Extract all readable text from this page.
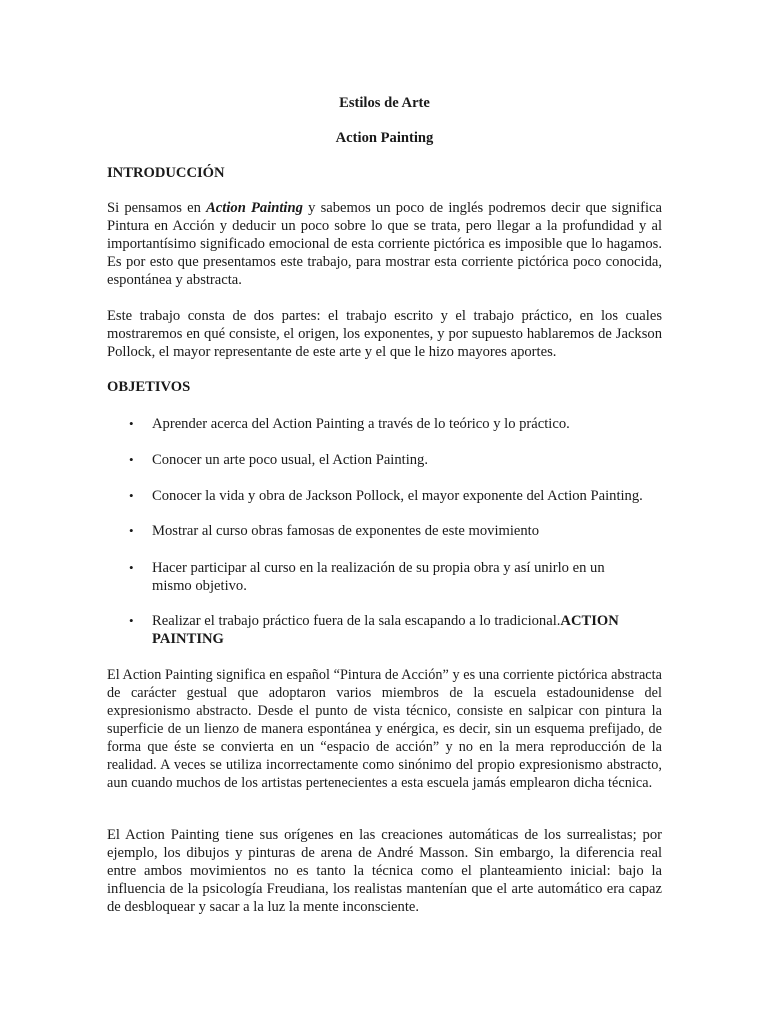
Estilos de Arte
Action Painting
INTRODUCCIÓN
Si pensamos en Action Painting y sabemos un poco de inglés podremos decir que significa Pintura en Acción y deducir un poco sobre lo que se trata, pero llegar a la profundidad y al importantísimo significado emocional de esta corriente pictórica es imposible que lo hagamos. Es por esto que presentamos este trabajo, para mostrar esta corriente pictórica poco conocida, espontánea y abstracta.
Este trabajo consta de dos partes: el trabajo escrito y el trabajo práctico, en los cuales mostraremos en qué consiste, el origen, los exponentes, y por supuesto hablaremos de Jackson Pollock, el mayor representante de este arte y el que le hizo mayores aportes.
OBJETIVOS
• Aprender acerca del Action Painting a través de lo teórico y lo práctico.
• Conocer un arte poco usual, el Action Painting.
• Conocer la vida y obra de Jackson Pollock, el mayor exponente del Action Painting.
• Mostrar al curso obras famosas de exponentes de este movimiento
• Hacer participar al curso en la realización de su propia obra y así unirlo en un mismo objetivo.
• Realizar el trabajo práctico fuera de la sala escapando a lo tradicional.ACTION PAINTING
El Action Painting significa en español “Pintura de Acción” y es una corriente pictórica abstracta de carácter gestual que adoptaron varios miembros de la escuela estadounidense del expresionismo abstracto. Desde el punto de vista técnico, consiste en salpicar con pintura la superficie de un lienzo de manera espontánea y enérgica, es decir, sin un esquema prefijado, de forma que éste se convierta en un “espacio de acción” y no en la mera reproducción de la realidad. A veces se utiliza incorrectamente como sinónimo del propio expresionismo abstracto, aun cuando muchos de los artistas pertenecientes a esta escuela jamás emplearon dicha técnica.
El Action Painting tiene sus orígenes en las creaciones automáticas de los surrealistas; por ejemplo, los dibujos y pinturas de arena de André Masson. Sin embargo, la diferencia real entre ambos movimientos no es tanto la técnica como el planteamiento inicial: bajo la influencia de la psicología Freudiana, los realistas mantenían que el arte automático era capaz de desbloquear y sacar a la luz la mente inconsciente.
